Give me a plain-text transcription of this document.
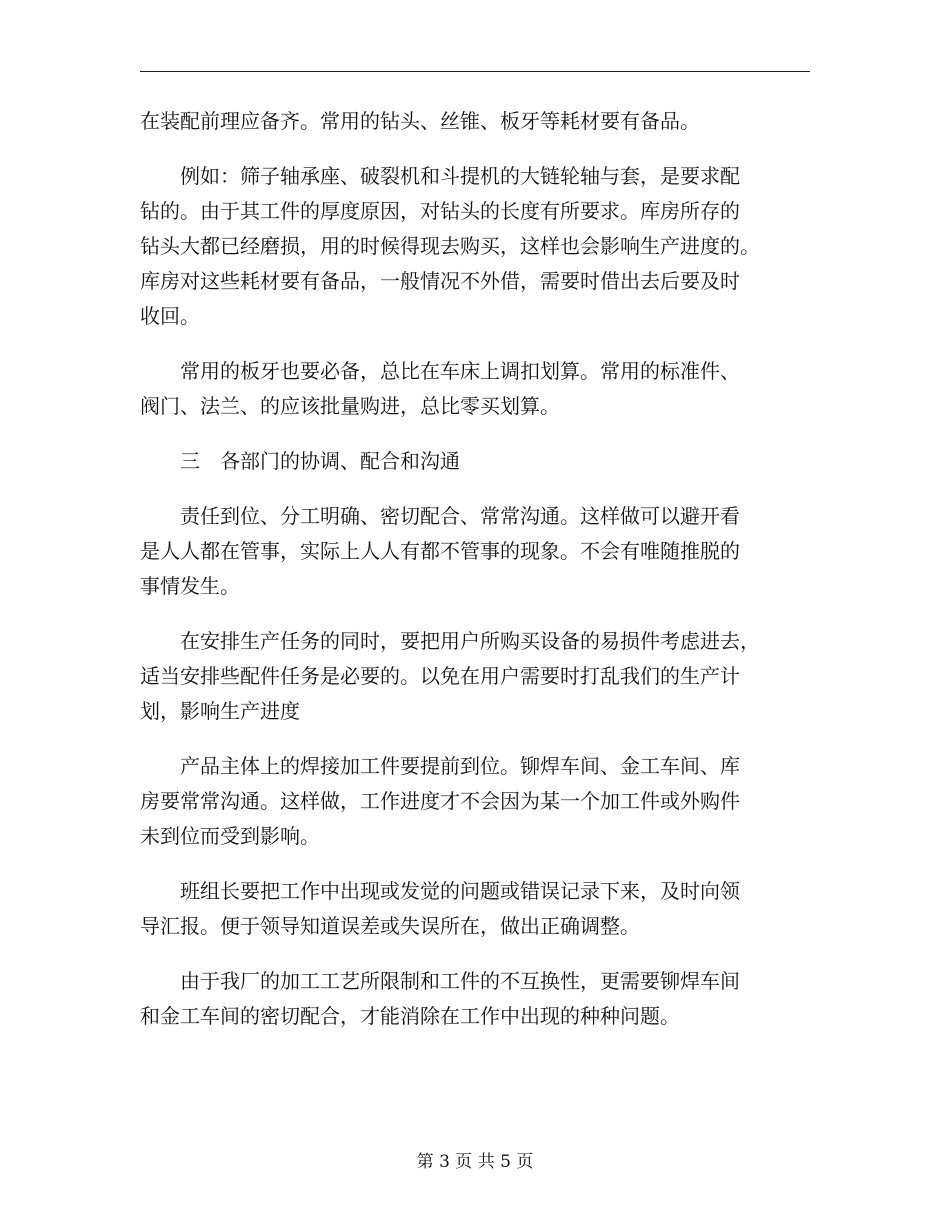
在装配前理应备齐。常用的钻头、丝锥、板牙等耗材要有备品。

例如：筛子轴承座、破裂机和斗提机的大链轮轴与套，是要求配
钻的。由于其工件的厚度原因，对钻头的长度有所要求。库房所存的
钻头大都已经磨损，用的时候得现去购买，这样也会影响生产进度的。
库房对这些耗材要有备品，一般情况不外借，需要时借出去后要及时
收回。

常用的板牙也要必备，总比在车床上调扣划算。常用的标准件、
阀门、法兰、的应该批量购进，总比零买划算。

三　各部门的协调、配合和沟通

责任到位、分工明确、密切配合、常常沟通。这样做可以避开看
是人人都在管事，实际上人人有都不管事的现象。不会有唯随推脱的
事情发生。

在安排生产任务的同时，要把用户所购买设备的易损件考虑进去，
适当安排些配件任务是必要的。以免在用户需要时打乱我们的生产计
划，影响生产进度

产品主体上的焊接加工件要提前到位。铆焊车间、金工车间、库
房要常常沟通。这样做，工作进度才不会因为某一个加工件或外购件
未到位而受到影响。

班组长要把工作中出现或发觉的问题或错误记录下来，及时向领
导汇报。便于领导知道误差或失误所在，做出正确调整。

由于我厂的加工工艺所限制和工件的不互换性，更需要铆焊车间
和金工车间的密切配合，才能消除在工作中出现的种种问题。

第 3 页 共 5 页
